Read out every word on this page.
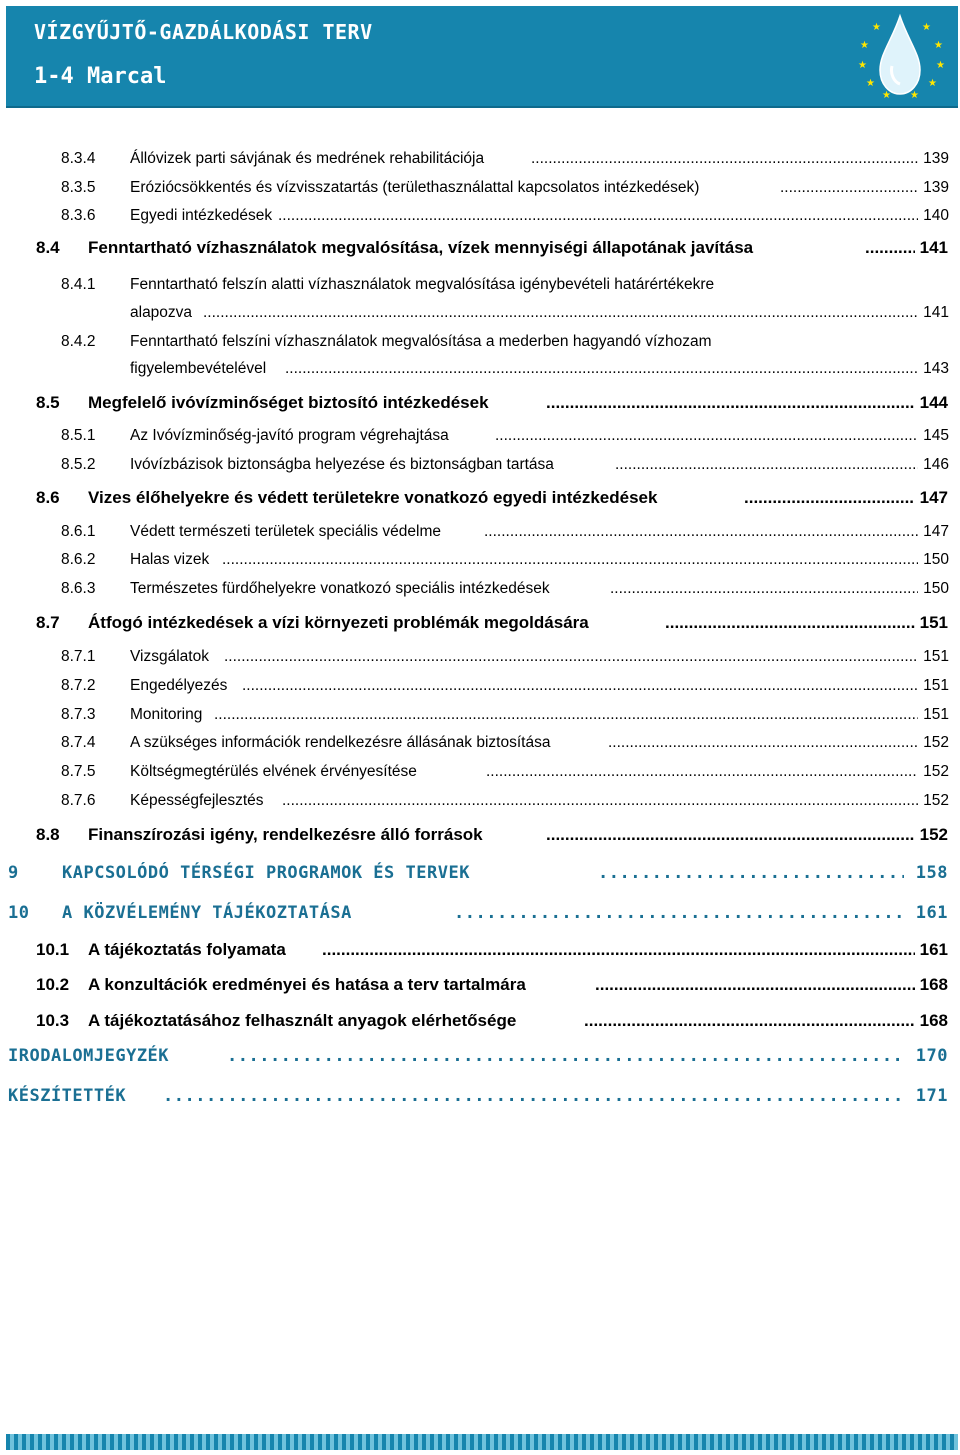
VÍZGYŰJTŐ-GAZDÁLKODÁSI TERV
1-4 Marcal
★
★
★
★
★
★
★
★
★ ★
8.3.4 Állóvizek parti sávjának és medrének rehabilitációja .....	139
8.3.5 Eróziócsökkentés és vízvisszatartás (területhasználattal kapcsolatos intézkedések) .....	139
8.3.6 Egyedi intézkedések .....	140
8.4 Fenntartható vízhasználatok megvalósítása, vízek mennyiségi állapotának javítása .....	141
8.4.1 Fenntartható felszín alatti vízhasználatok megvalósítása igénybevételi határértékekre
alapozva .....	141
8.4.2 Fenntartható felszíni vízhasználatok megvalósítása a mederben hagyandó vízhozam
figyelembevételével .....	143
8.5 Megfelelő ivóvízminőséget biztosító intézkedések .....	144
8.5.1 Az Ivóvízminőség-javító program végrehajtása .....	145
8.5.2 Ivóvízbázisok biztonságba helyezése és biztonságban tartása .....	146
8.6 Vizes élőhelyekre és védett területekre vonatkozó egyedi intézkedések .....	147
8.6.1 Védett természeti területek speciális védelme .....	147
8.6.2 Halas vizek .....	150
8.6.3 Természetes fürdőhelyekre vonatkozó speciális intézkedések .....	150
8.7 Átfogó intézkedések a vízi környezeti problémák megoldására .....	151
8.7.1 Vizsgálatok .....	151
8.7.2 Engedélyezés .....	151
8.7.3 Monitoring .....	151
8.7.4 A szükséges információk rendelkezésre állásának biztosítása .....	152
8.7.5 Költségmegtérülés elvének érvényesítése .....	152
8.7.6 Képességfejlesztés .....	152
8.8 Finanszírozási igény, rendelkezésre álló források .....	152
9	KAPCSOLÓDÓ TÉRSÉGI PROGRAMOK ÉS TERVEK .....	158
10 A KÖZVÉLEMÉNY TÁJÉKOZTATÁSA .....	161
10.1 A tájékoztatás folyamata .....	161
10.2 A konzultációk eredményei és hatása a terv tartalmára .....	168
10.3 A tájékoztatásához felhasznált anyagok elérhetősége .....	168
IRODALOMJEGYZÉK .....	170
KÉSZÍTETTÉK .....	171
